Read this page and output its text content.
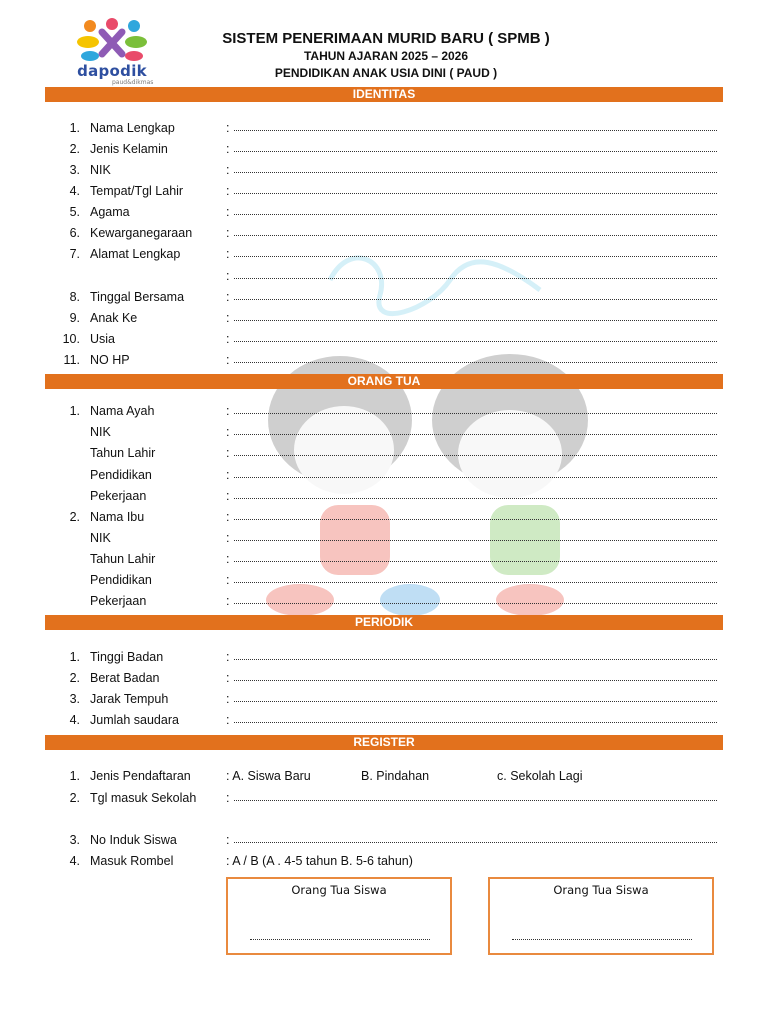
dapodik
paud&dikmas
SISTEM PENERIMAAN MURID BARU ( SPMB )
TAHUN AJARAN 2025 – 2026
PENDIDIKAN ANAK USIA DINI ( PAUD )
IDENTITAS
1. Nama Lengkap	:
2. Jenis Kelamin	:
3. NIK	:
4. Tempat/Tgl Lahir	:
5. Agama	:
6. Kewarganegaraan	:
7. Alamat Lengkap	:
:
8. Tinggal Bersama	:
9. Anak Ke	:
10. Usia	:
11. NO HP	:
ORANG TUA
1. Nama Ayah	:
NIK	:
Tahun Lahir	:
Pendidikan	:
Pekerjaan	:
2. Nama Ibu	:
NIK	:
Tahun Lahir	:
Pendidikan	:
Pekerjaan	:
PERIODIK
1. Tinggi Badan	:
2. Berat Badan	:
3. Jarak Tempuh	:
4. Jumlah saudara	:
REGISTER
1. Jenis Pendaftaran	: A. Siswa Baru	B. Pindahan	c. Sekolah Lagi
2. Tgl masuk Sekolah	:
3. No Induk Siswa	:
4. Masuk Rombel	: A / B (A . 4-5 tahun B. 5-6 tahun)
Orang Tua Siswa	Orang Tua Siswa
